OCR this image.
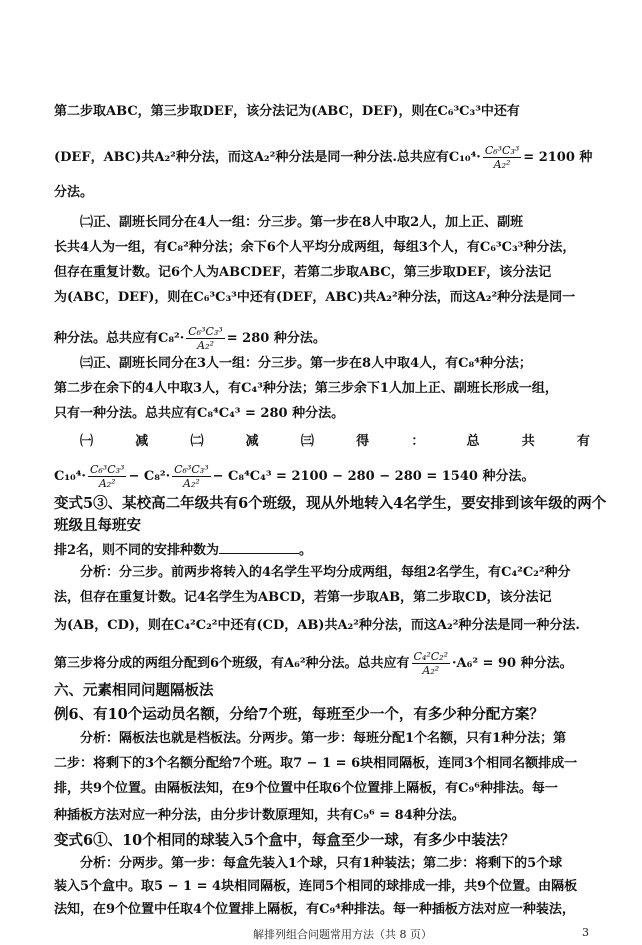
第二步取ABC，第三步取DEF，该分法记为(ABC，DEF)，则在C₆³C₃³中还有
(DEF，ABC)共A₂²种分法，而这A₂²种分法是同一种分法.总共应有$C_{10}^4\cdot \frac{\text{C₆³C₃³}}{\text{A₂²}} = 2100$ 种
分法。
㈡正、副班长同分在4人一组：分三步。第一步在8人中取2人，加上正、副班
长共4人为一组，有C₈²种分法；余下6个人平均分成两组，每组3个人，有C₆³C₃³种分法，
但存在重复计数。记6个人为ABCDEF，若第二步取ABC，第三步取DEF，该分法记
为(ABC，DEF)，则在C₆³C₃³中还有(DEF，ABC)共A₂²种分法，而这A₂²种分法是同一
种分法。总共应有$C_8^2\cdot \frac{\text{C₆³C₃³}}{\text{A₂²}} = 280$ 种分法。
㈢正、副班长同分在3人一组：分三步。第一步在8人中取4人，有C₈⁴种分法；
第二步在余下的4人中取3人，有C₄³种分法；第三步余下1人加上正、副班长形成一组，
只有一种分法。总共应有C₈⁴C₄³ = 280 种分法。
㈠	减	㈡	减	㈢	得	：	总	共	有
$C_{10}^4\cdot \frac{\text{C₆³C₃³}}{\text{A₂²}} - C_8^2\cdot \frac{\text{C₆³C₃³}}{\text{A₂²}} - C_8^4C_4^3 = 2100 - 280 - 280 = 1540$ 种分法。
变式5③、某校高二年级共有6个班级，现从外地转入4名学生，要安排到该年级的两个
班级且每班安
排2名，则不同的安排种数为	。
分析：分三步。前两步将转入的4名学生平均分成两组，每组2名学生，有C₄²C₂²种分
法，但存在重复计数。记4名学生为ABCD，若第一步取AB，第二步取CD，该分法记
为(AB，CD)，则在C₄²C₂²中还有(CD，AB)共A₂²种分法，而这A₂²种分法是同一种分法.
第三步将分成的两组分配到6个班级，有A₆²种分法。总共应有 $\frac{\text{C₄²C₂²}}{\text{A₂²}} \cdot A_6^2 = 90$ 种分法。
六、元素相同问题隔板法
例6、有10个运动员名额，分给7个班，每班至少一个，有多少种分配方案？
分析：隔板法也就是档板法。分两步。第一步：每班分配1个名额，只有1种分法；第
二步：将剩下的3个名额分配给7个班。取7 − 1 = 6块相同隔板，连同3个相同名额排成一
排，共9个位置。由隔板法知，在9个位置中任取6个位置排上隔板，有C₉⁶种排法。每一
种插板方法对应一种分法，由分步计数原理知，共有C₉⁶ = 84种分法。
变式6①、10个相同的球装入5个盒中，每盒至少一球，有多少中装法？
分析：分两步。第一步：每盒先装入1个球，只有1种装法；第二步：将剩下的5个球
装入5个盒中。取5 − 1 = 4块相同隔板，连同5个相同的球排成一排，共9个位置。由隔板
法知，在9个位置中任取4个位置排上隔板，有C₉⁴种排法。每一种插板方法对应一种装法，
解排列组合问题常用方法（共 8 页）	3
